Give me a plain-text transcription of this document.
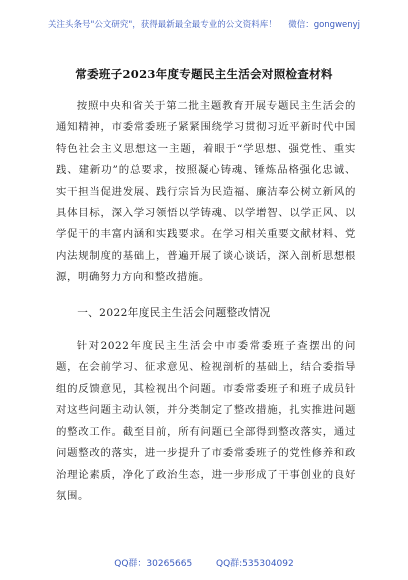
关注头条号"公文研究"，获得最新最全最专业的公文资料库！ 微信：gongwenyj
常委班子2023年度专题民主生活会对照检查材料

按照中央和省关于第二批主题教育开展专题民主生活会的通知精神，市委常委班子紧紧围绕学习贯彻习近平新时代中国特色社会主义思想这一主题，着眼于“学思想、强党性、重实践、建新功”的总要求，按照凝心铸魂、锤炼品格强化忠诚、实干担当促进发展、践行宗旨为民造福、廉洁奉公树立新风的具体目标，深入学习领悟以学铸魂、以学增智、以学正风、以学促干的丰富内涵和实践要求。在学习相关重要文献材料、党内法规制度的基础上，普遍开展了谈心谈话，深入剖析思想根源，明确努力方向和整改措施。

一、2022年度民主生活会问题整改情况

针对2022年度民主生活会中市委常委班子查摆出的问题，在会前学习、征求意见、检视剖析的基础上，结合委指导组的反馈意见，其检视出个问题。市委常委班子和班子成员针对这些问题主动认领，并分类制定了整改措施，扎实推进问题的整改工作。截至目前，所有问题已全部得到整改落实，通过问题整改的落实，进一步提升了市委常委班子的党性修养和政治理论素质，净化了政治生态，进一步形成了干事创业的良好氛围。

QQ群：30265665	QQ群:535304092
